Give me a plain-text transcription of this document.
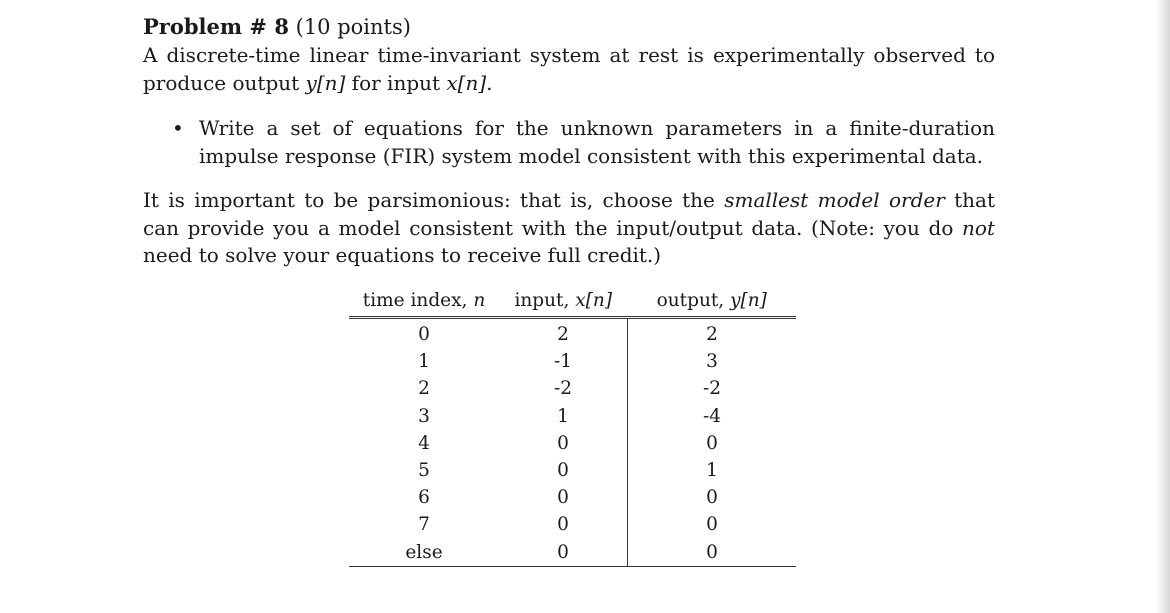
Problem # 8 (10 points)
A discrete-time linear time-invariant system at rest is experimentally observed to produce output y[n] for input x[n].
• Write a set of equations for the unknown parameters in a finite-duration impulse response (FIR) system model consistent with this experimental data.
It is important to be parsimonious: that is, choose the smallest model order that can provide you a model consistent with the input/output data. (Note: you do not need to solve your equations to receive full credit.)
time index, n	input, x[n]	output, y[n]
0	2	2
1	-1	3
2	-2	-2
3	1	-4
4	0	0
5	0	1
6	0	0
7	0	0
else	0	0
